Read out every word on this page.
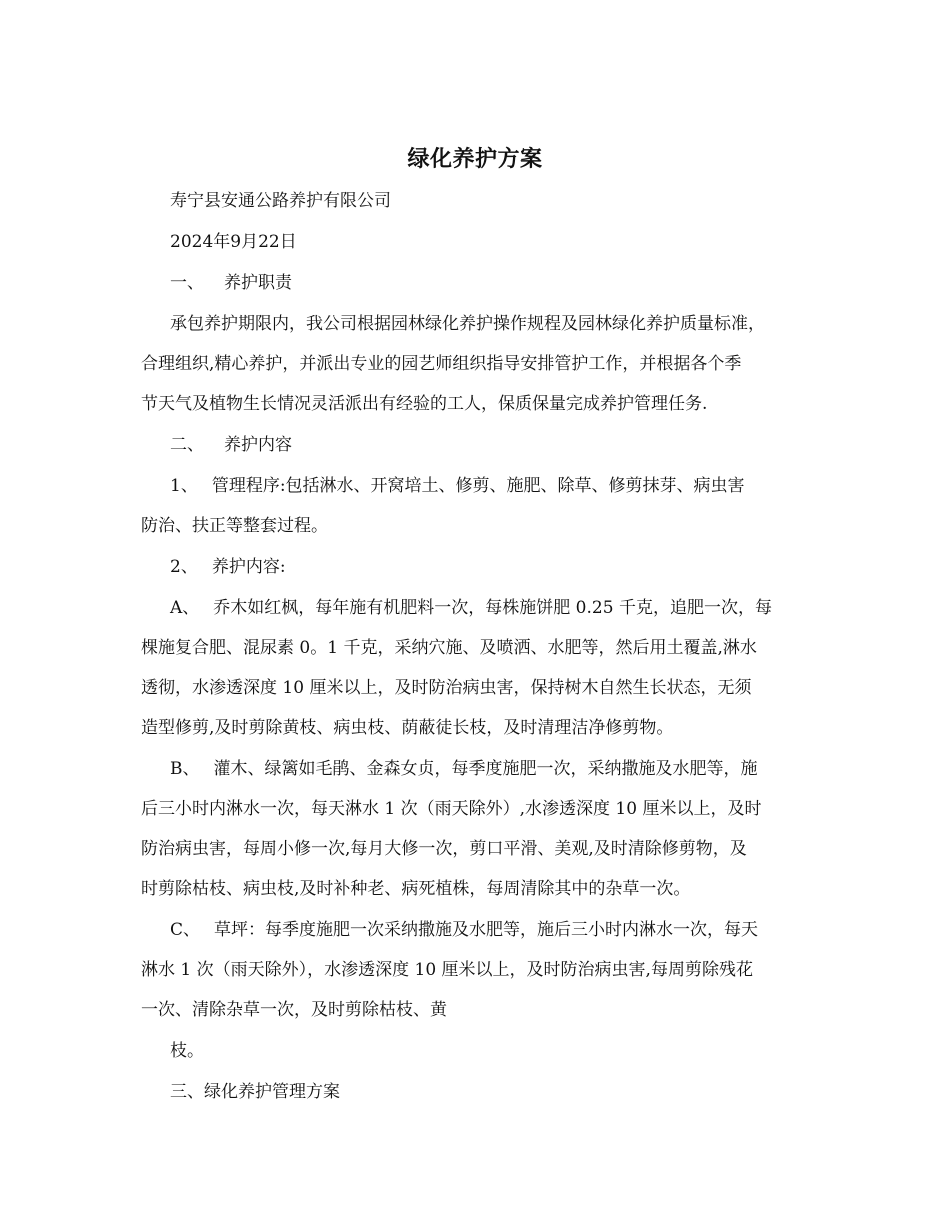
绿化养护方案

寿宁县安通公路养护有限公司

2024年9月22日

一、 养护职责

承包养护期限内，我公司根据园林绿化养护操作规程及园林绿化养护质量标准，

合理组织,精心养护，并派出专业的园艺师组织指导安排管护工作，并根据各个季

节天气及植物生长情况灵活派出有经验的工人，保质保量完成养护管理任务.

二、 养护内容

1、 管理程序:包括淋水、开窝培土、修剪、施肥、除草、修剪抹芽、病虫害

防治、扶正等整套过程。

2、 养护内容:

A、 乔木如红枫，每年施有机肥料一次，每株施饼肥 0.25 千克，追肥一次，每

棵施复合肥、混尿素 0。1 千克，采纳穴施、及喷洒、水肥等，然后用土覆盖,淋水

透彻，水渗透深度 10 厘米以上，及时防治病虫害，保持树木自然生长状态，无须

造型修剪,及时剪除黄枝、病虫枝、荫蔽徒长枝，及时清理洁净修剪物。

B、 灌木、绿篱如毛鹃、金森女贞，每季度施肥一次，采纳撒施及水肥等，施

后三小时内淋水一次，每天淋水 1 次（雨天除外）,水渗透深度 10 厘米以上，及时

防治病虫害，每周小修一次,每月大修一次，剪口平滑、美观,及时清除修剪物，及

时剪除枯枝、病虫枝,及时补种老、病死植株，每周清除其中的杂草一次。

C、 草坪：每季度施肥一次采纳撒施及水肥等，施后三小时内淋水一次，每天

淋水 1 次（雨天除外），水渗透深度 10 厘米以上，及时防治病虫害,每周剪除残花

一次、清除杂草一次，及时剪除枯枝、黄

枝。

三、绿化养护管理方案
